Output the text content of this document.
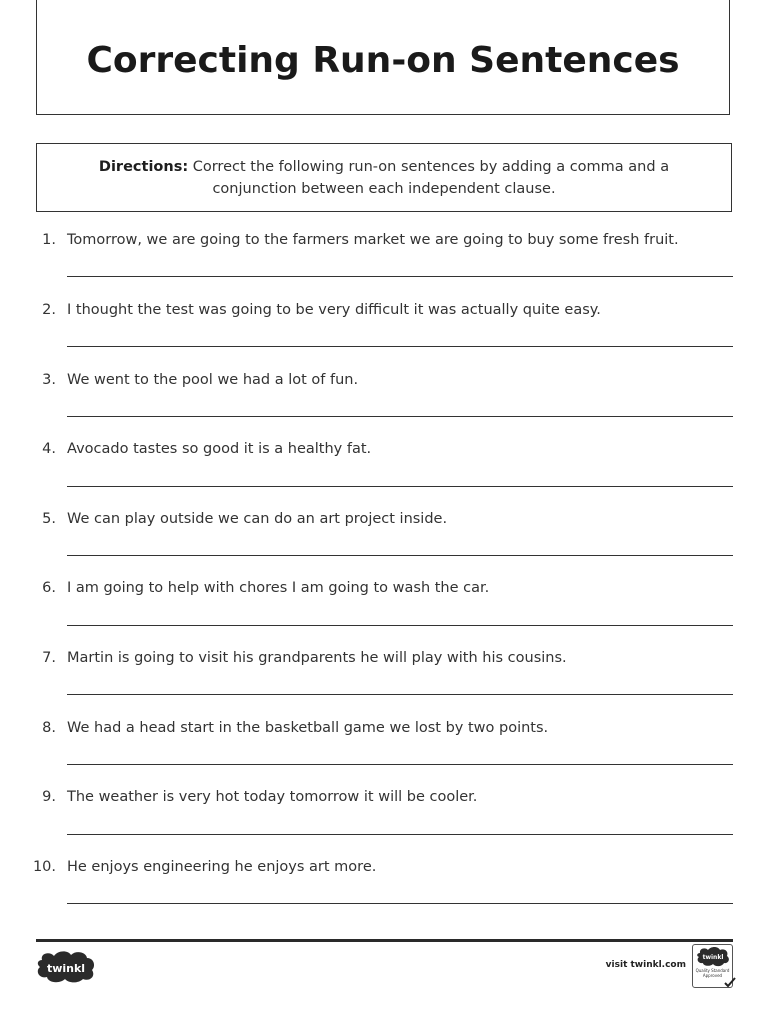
Correcting Run-on Sentences
Directions: Correct the following run-on sentences by adding a comma and a conjunction between each independent clause.
1. Tomorrow, we are going to the farmers market we are going to buy some fresh fruit.
2. I thought the test was going to be very difficult it was actually quite easy.
3. We went to the pool we had a lot of fun.
4. Avocado tastes so good it is a healthy fat.
5. We can play outside we can do an art project inside.
6. I am going to help with chores I am going to wash the car.
7. Martin is going to visit his grandparents he will play with his cousins.
8. We had a head start in the basketball game we lost by two points.
9. The weather is very hot today tomorrow it will be cooler.
10. He enjoys engineering he enjoys art more.
twinkl	visit twinkl.com
twinkl
Quality Standard Approved
